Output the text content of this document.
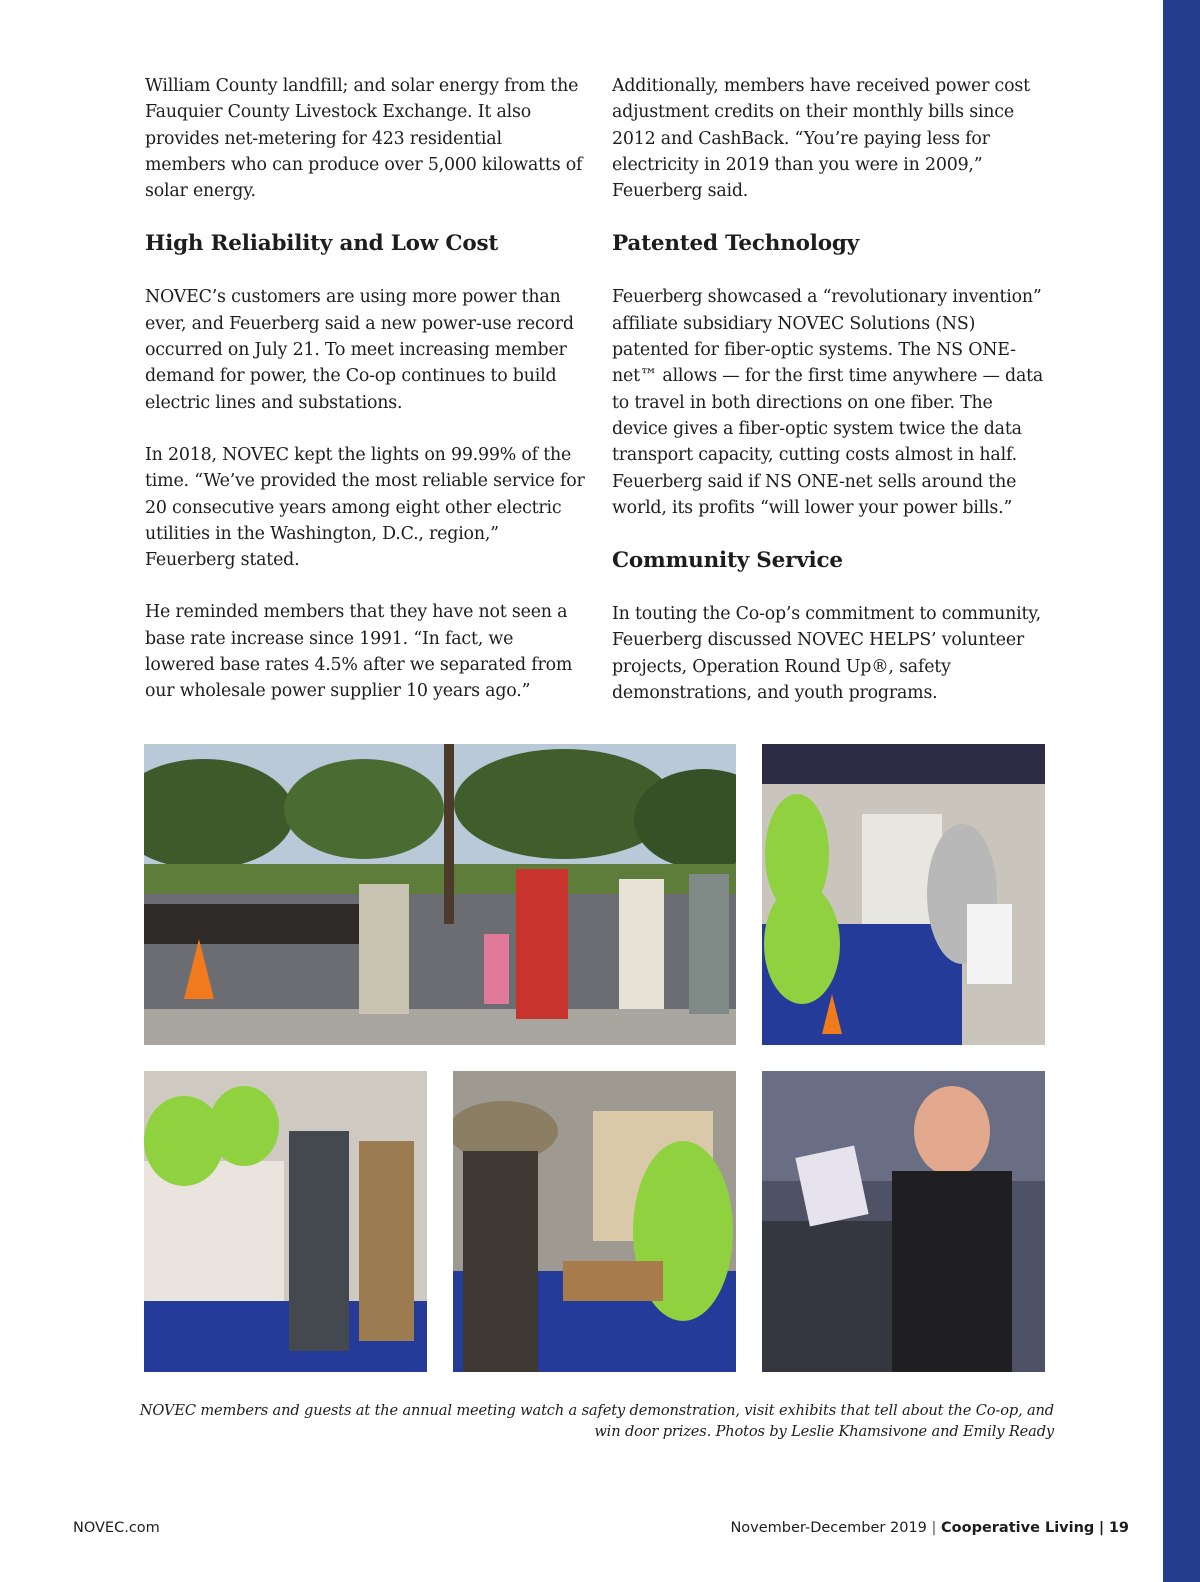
William County landfill; and solar energy from the Fauquier County Livestock Exchange. It also provides net-metering for 423 residential members who can produce over 5,000 kilowatts of solar energy.

High Reliability and Low Cost

NOVEC’s customers are using more power than ever, and Feuerberg said a new power-use record occurred on July 21. To meet increasing member demand for power, the Co-op continues to build electric lines and substations.

In 2018, NOVEC kept the lights on 99.99% of the time. “We’ve provided the most reliable service for 20 consecutive years among eight other electric utilities in the Washington, D.C., region,” Feuerberg stated.

He reminded members that they have not seen a base rate increase since 1991. “In fact, we lowered base rates 4.5% after we separated from our wholesale power supplier 10 years ago.”

Additionally, members have received power cost adjustment credits on their monthly bills since 2012 and CashBack. “You’re paying less for electricity in 2019 than you were in 2009,” Feuerberg said.

Patented Technology

Feuerberg showcased a “revolutionary invention” affiliate subsidiary NOVEC Solutions (NS) patented for fiber-optic systems. The NS ONE-net™ allows — for the first time anywhere — data to travel in both directions on one fiber. The device gives a fiber-optic system twice the data transport capacity, cutting costs almost in half. Feuerberg said if NS ONE-net sells around the world, its profits “will lower your power bills.”

Community Service

In touting the Co-op’s commitment to community, Feuerberg discussed NOVEC HELPS’ volunteer projects, Operation Round Up®, safety demonstrations, and youth programs.

NOVEC members and guests at the annual meeting watch a safety demonstration, visit exhibits that tell about the Co-op, and win door prizes. Photos by Leslie Khamsivone and Emily Ready
NOVEC.com	November-December 2019 | Cooperative Living | 19
